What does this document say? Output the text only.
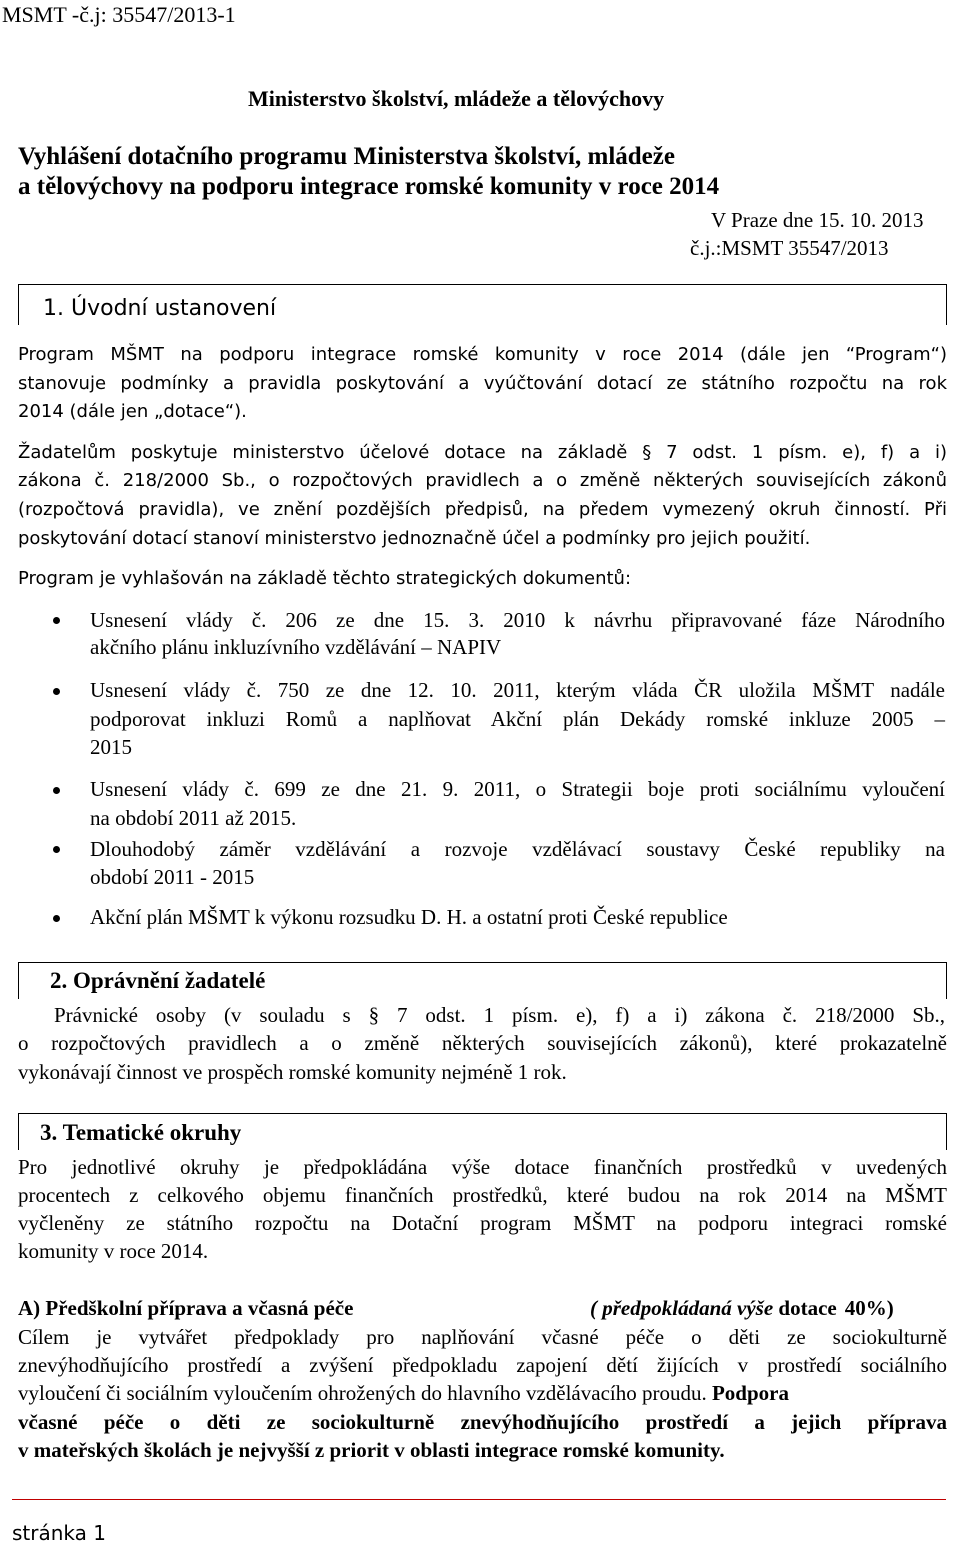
MSMT -č.j: 35547/2013-1
Ministerstvo školství, mládeže a tělovýchovy
Vyhlášení dotačního programu Ministerstva školství, mládeže
a tělovýchovy na podporu integrace romské komunity v roce 2014
V Praze dne 15. 10. 2013
č.j.:MSMT 35547/2013
1. Úvodní ustanovení
Program MŠMT na podporu integrace romské komunity v roce 2014 (dále jen “Program“)
stanovuje podmínky a pravidla poskytování a vyúčtování dotací ze státního rozpočtu na rok
2014 (dále jen „dotace“).
Žadatelům poskytuje ministerstvo účelové dotace na základě § 7 odst. 1 písm. e), f) a i)
zákona č. 218/2000 Sb., o rozpočtových pravidlech a o změně některých souvisejících zákonů
(rozpočtová pravidla), ve znění pozdějších předpisů, na předem vymezený okruh činností. Při
poskytování dotací stanoví ministerstvo jednoznačně účel a podmínky pro jejich použití.
Program je vyhlašován na základě těchto strategických dokumentů:
Usnesení vlády č. 206 ze dne 15. 3. 2010 k návrhu připravované fáze Národního
akčního plánu inkluzívního vzdělávání – NAPIV
Usnesení vlády č. 750 ze dne 12. 10. 2011, kterým vláda ČR uložila MŠMT nadále
podporovat inkluzi Romů a naplňovat Akční plán Dekády romské inkluze 2005 –
2015
Usnesení vlády č. 699 ze dne 21. 9. 2011, o Strategii boje proti sociálnímu vyloučení
na období 2011 až 2015.
Dlouhodobý záměr vzdělávání a rozvoje vzdělávací soustavy České republiky na
období 2011 - 2015
Akční plán MŠMT k výkonu rozsudku D. H. a ostatní proti České republice
2. Oprávnění žadatelé
Právnické osoby (v souladu s § 7 odst. 1 písm. e), f) a i) zákona č. 218/2000 Sb.,
o rozpočtových pravidlech a o změně některých souvisejících zákonů), které prokazatelně
vykonávají činnost ve prospěch romské komunity nejméně 1 rok.
3. Tematické okruhy
Pro jednotlivé okruhy je předpokládána výše dotace finančních prostředků v uvedených
procentech z celkového objemu finančních prostředků, které budou na rok 2014 na MŠMT
vyčleněny ze státního rozpočtu na Dotační program MŠMT na podporu integraci romské
komunity v roce 2014.
A) Předškolní příprava a včasná péče	( předpokládaná výše dotace 40%)
Cílem je vytvářet předpoklady pro naplňování včasné péče o děti ze sociokulturně
znevýhodňujícího prostředí a zvýšení předpokladu zapojení dětí žijících v prostředí sociálního
vyloučení či sociálním vyloučením ohrožených do hlavního vzdělávacího proudu. Podpora
včasné péče o děti ze sociokulturně znevýhodňujícího prostředí a jejich příprava
v mateřských školách je nejvyšší z priorit v oblasti integrace romské komunity.
stránka 1
